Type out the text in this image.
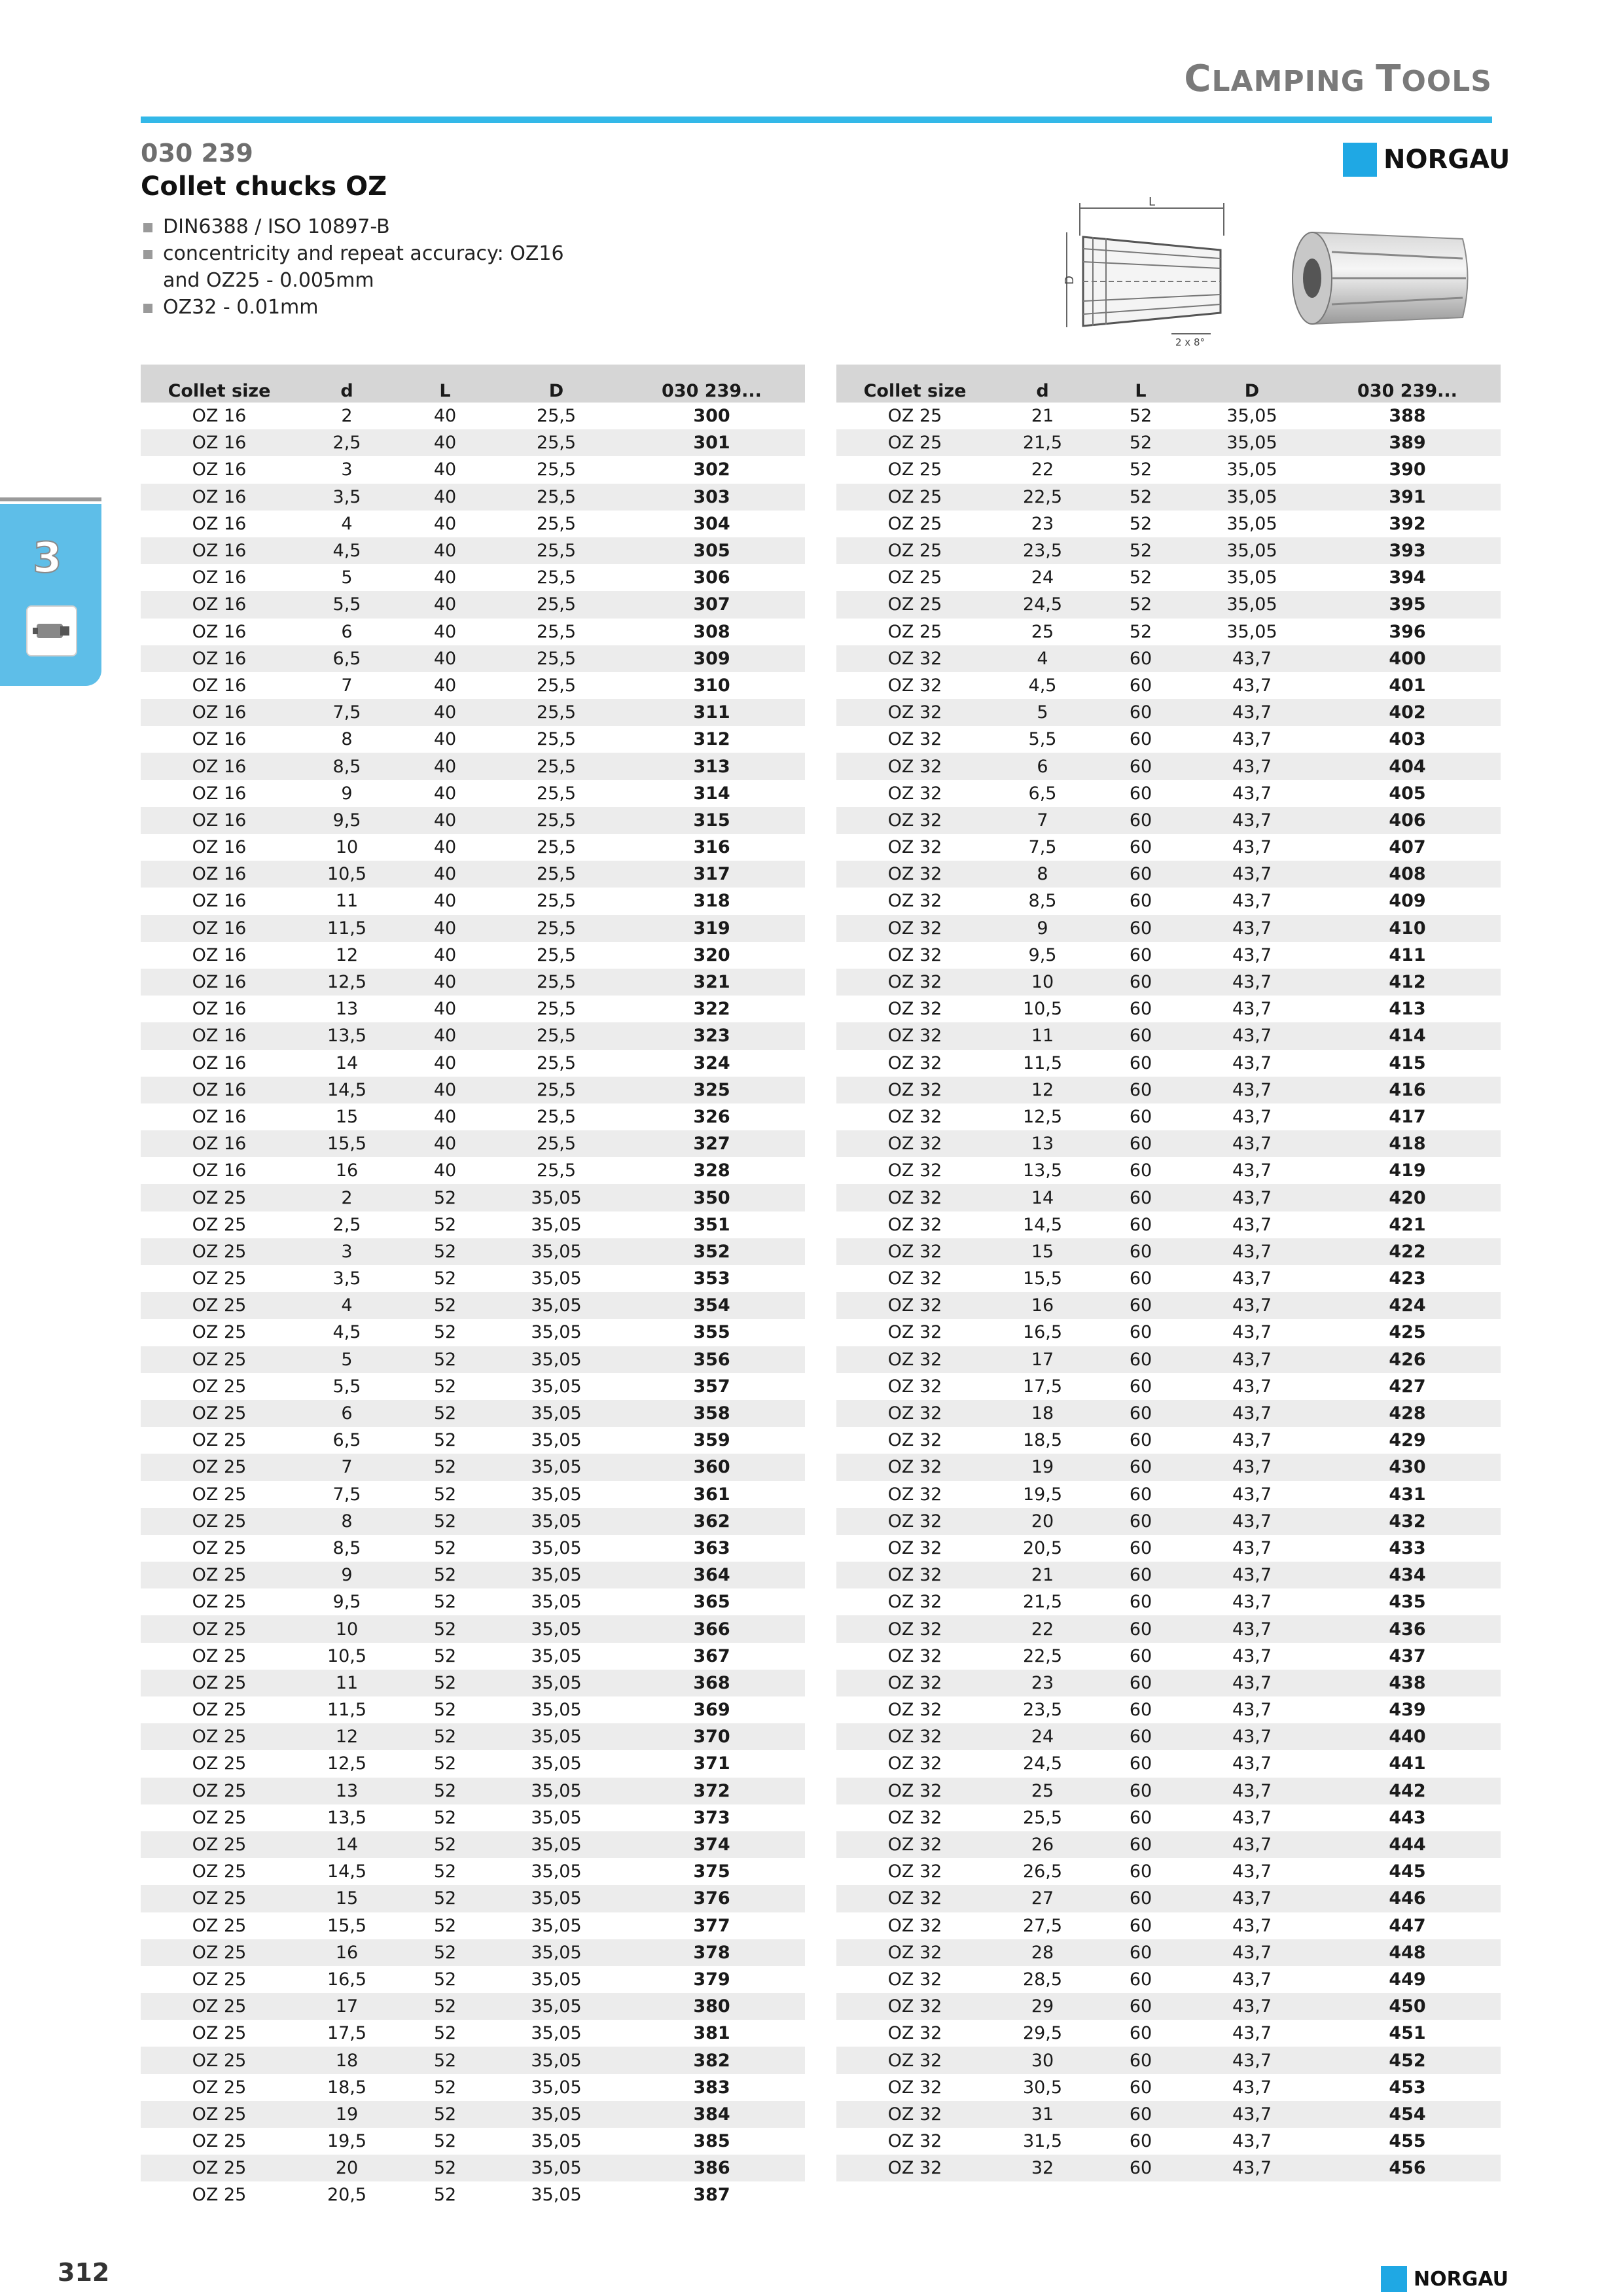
CLAMPING TOOLS
030 239
Collet chucks OZ
DIN6388 / ISO 10897-B
concentricity and repeat accuracy: OZ16
and OZ25 - 0.005mm
OZ32 - 0.01mm
NORGAU
L
D
2 x 8°
3
Collet size	d	L	D	030 239...
OZ 16	2	40	25,5	300
OZ 16	2,5	40	25,5	301
OZ 16	3	40	25,5	302
OZ 16	3,5	40	25,5	303
OZ 16	4	40	25,5	304
OZ 16	4,5	40	25,5	305
OZ 16	5	40	25,5	306
OZ 16	5,5	40	25,5	307
OZ 16	6	40	25,5	308
OZ 16	6,5	40	25,5	309
OZ 16	7	40	25,5	310
OZ 16	7,5	40	25,5	311
OZ 16	8	40	25,5	312
OZ 16	8,5	40	25,5	313
OZ 16	9	40	25,5	314
OZ 16	9,5	40	25,5	315
OZ 16	10	40	25,5	316
OZ 16	10,5	40	25,5	317
OZ 16	11	40	25,5	318
OZ 16	11,5	40	25,5	319
OZ 16	12	40	25,5	320
OZ 16	12,5	40	25,5	321
OZ 16	13	40	25,5	322
OZ 16	13,5	40	25,5	323
OZ 16	14	40	25,5	324
OZ 16	14,5	40	25,5	325
OZ 16	15	40	25,5	326
OZ 16	15,5	40	25,5	327
OZ 16	16	40	25,5	328
OZ 25	2	52	35,05	350
OZ 25	2,5	52	35,05	351
OZ 25	3	52	35,05	352
OZ 25	3,5	52	35,05	353
OZ 25	4	52	35,05	354
OZ 25	4,5	52	35,05	355
OZ 25	5	52	35,05	356
OZ 25	5,5	52	35,05	357
OZ 25	6	52	35,05	358
OZ 25	6,5	52	35,05	359
OZ 25	7	52	35,05	360
OZ 25	7,5	52	35,05	361
OZ 25	8	52	35,05	362
OZ 25	8,5	52	35,05	363
OZ 25	9	52	35,05	364
OZ 25	9,5	52	35,05	365
OZ 25	10	52	35,05	366
OZ 25	10,5	52	35,05	367
OZ 25	11	52	35,05	368
OZ 25	11,5	52	35,05	369
OZ 25	12	52	35,05	370
OZ 25	12,5	52	35,05	371
OZ 25	13	52	35,05	372
OZ 25	13,5	52	35,05	373
OZ 25	14	52	35,05	374
OZ 25	14,5	52	35,05	375
OZ 25	15	52	35,05	376
OZ 25	15,5	52	35,05	377
OZ 25	16	52	35,05	378
OZ 25	16,5	52	35,05	379
OZ 25	17	52	35,05	380
OZ 25	17,5	52	35,05	381
OZ 25	18	52	35,05	382
OZ 25	18,5	52	35,05	383
OZ 25	19	52	35,05	384
OZ 25	19,5	52	35,05	385
OZ 25	20	52	35,05	386
OZ 25	20,5	52	35,05	387
Collet size	d	L	D	030 239...
OZ 25	21	52	35,05	388
OZ 25	21,5	52	35,05	389
OZ 25	22	52	35,05	390
OZ 25	22,5	52	35,05	391
OZ 25	23	52	35,05	392
OZ 25	23,5	52	35,05	393
OZ 25	24	52	35,05	394
OZ 25	24,5	52	35,05	395
OZ 25	25	52	35,05	396
OZ 32	4	60	43,7	400
OZ 32	4,5	60	43,7	401
OZ 32	5	60	43,7	402
OZ 32	5,5	60	43,7	403
OZ 32	6	60	43,7	404
OZ 32	6,5	60	43,7	405
OZ 32	7	60	43,7	406
OZ 32	7,5	60	43,7	407
OZ 32	8	60	43,7	408
OZ 32	8,5	60	43,7	409
OZ 32	9	60	43,7	410
OZ 32	9,5	60	43,7	411
OZ 32	10	60	43,7	412
OZ 32	10,5	60	43,7	413
OZ 32	11	60	43,7	414
OZ 32	11,5	60	43,7	415
OZ 32	12	60	43,7	416
OZ 32	12,5	60	43,7	417
OZ 32	13	60	43,7	418
OZ 32	13,5	60	43,7	419
OZ 32	14	60	43,7	420
OZ 32	14,5	60	43,7	421
OZ 32	15	60	43,7	422
OZ 32	15,5	60	43,7	423
OZ 32	16	60	43,7	424
OZ 32	16,5	60	43,7	425
OZ 32	17	60	43,7	426
OZ 32	17,5	60	43,7	427
OZ 32	18	60	43,7	428
OZ 32	18,5	60	43,7	429
OZ 32	19	60	43,7	430
OZ 32	19,5	60	43,7	431
OZ 32	20	60	43,7	432
OZ 32	20,5	60	43,7	433
OZ 32	21	60	43,7	434
OZ 32	21,5	60	43,7	435
OZ 32	22	60	43,7	436
OZ 32	22,5	60	43,7	437
OZ 32	23	60	43,7	438
OZ 32	23,5	60	43,7	439
OZ 32	24	60	43,7	440
OZ 32	24,5	60	43,7	441
OZ 32	25	60	43,7	442
OZ 32	25,5	60	43,7	443
OZ 32	26	60	43,7	444
OZ 32	26,5	60	43,7	445
OZ 32	27	60	43,7	446
OZ 32	27,5	60	43,7	447
OZ 32	28	60	43,7	448
OZ 32	28,5	60	43,7	449
OZ 32	29	60	43,7	450
OZ 32	29,5	60	43,7	451
OZ 32	30	60	43,7	452
OZ 32	30,5	60	43,7	453
OZ 32	31	60	43,7	454
OZ 32	31,5	60	43,7	455
OZ 32	32	60	43,7	456
312	NORGAU
